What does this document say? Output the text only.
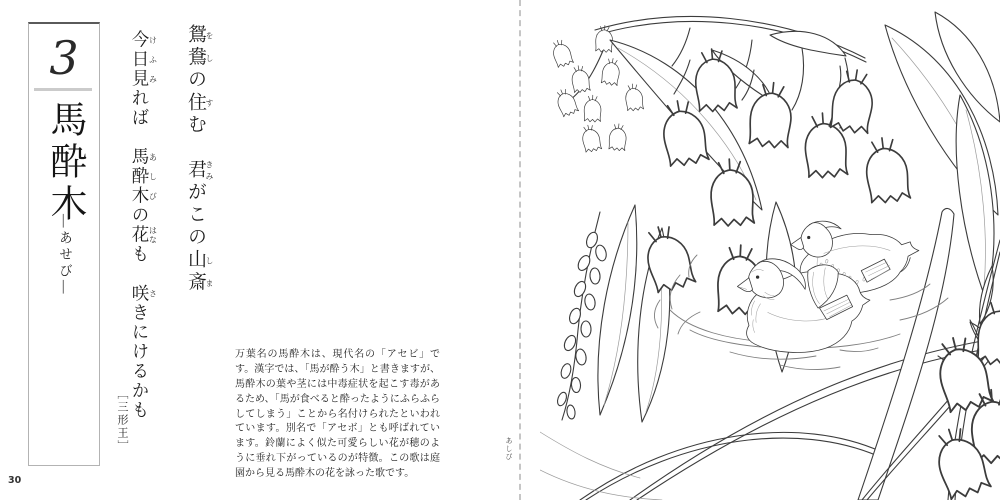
3
馬酔木
―あせび―
鴛鴦 をしの住 すむ　君 きみがこの山斎 しま
今日けふ見みれば　馬酔木あしびの花はなも　咲さきにけるかも
［三形王］
万葉名の馬酔木は、現代名の「アセビ」です。漢字では、「馬が酔う木」と書きますが、馬酔木の葉や茎には中毒症状を起こす毒があるため、「馬が食べると酔ったようにふらふらしてしまう」ことから名付けられたといわれています。別名で「アセボ」とも呼ばれています。鈴蘭によく似た可愛らしい花が穂のように垂れ下がっているのが特徴。この歌は庭園から見る馬酔木の花を詠った歌です。
30
あしび
